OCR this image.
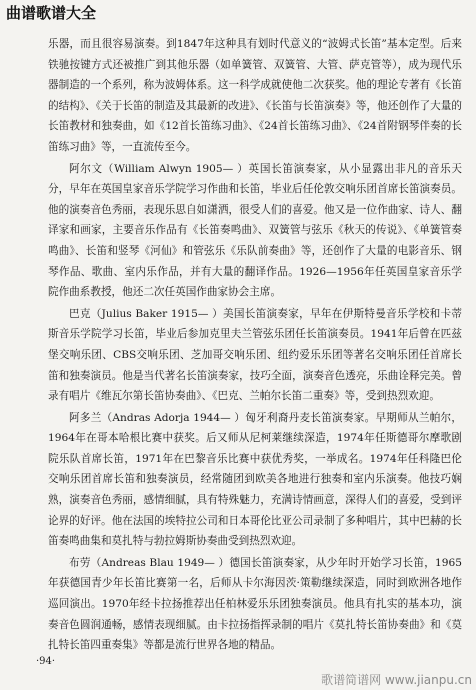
曲谱歌谱大全

乐器，而且很容易演奏。到1847年这种具有划时代意义的“波姆式长笛”基本定型。后来铁驰按键方式还被推广到其他乐器（如单簧管、双簧管、大管、萨克管等），成为现代乐器制造的一个系列，称为波姆体系。这一科学成就使他二次获奖。他的理论专著有《长笛的结构》、《关于长笛的制造及其最新的改进》、《长笛与长笛演奏》等，他还创作了大量的长笛教材和独奏曲，如《12首长笛练习曲》、《24首长笛练习曲》、《24首附钢琴伴奏的长笛练习曲》等，一直流传至今。

阿尔文（William Alwyn 1905— ）英国长笛演奏家，从小显露出非凡的音乐天分，早年在英国皇家音乐学院学习作曲和长笛，毕业后任伦敦交响乐团首席长笛演奏员。他的演奏音色秀丽，表现乐思自如潇洒，很受人们的喜爱。他又是一位作曲家、诗人、翻译家和画家，主要音乐作品有《长笛奏鸣曲》、双簧管与弦乐《秋天的传说》、《单簧管奏鸣曲》、长笛和竖琴《河仙》和管弦乐《乐队前奏曲》等，还创作了大量的电影音乐、钢琴作品、歌曲、室内乐作品，并有大量的翻译作品。1926—1956年任英国皇家音乐学院作曲系教授，他还二次任英国作曲家协会主席。

巴克（Julius Baker 1915— ）美国长笛演奏家，早年在伊斯特曼音乐学校和卡蒂斯音乐学院学习长笛，毕业后参加克里夫兰管弦乐团任长笛演奏员。1941年后曾在匹兹堡交响乐团、CBS交响乐团、芝加哥交响乐团、纽约爱乐乐团等著名交响乐团任首席长笛和独奏演员。他是当代著名长笛演奏家，技巧全面，演奏音色透亮，乐曲诠释完美。曾录有唱片《维瓦尔第长笛协奏曲》、《巴克、兰帕尔长笛二重奏》等，受到热烈欢迎。

阿多兰（Andras Adorja 1944— ）匈牙利裔丹麦长笛演奏家。早期师从兰帕尔，1964年在哥本哈根比赛中获奖。后又师从尼柯莱继续深造，1974年任斯德哥尔摩歌剧院乐队首席长笛，1971年在巴黎音乐比赛中获优秀奖，一举成名。1974年任科隆巴伦交响乐团首席长笛和独奏演员，经常随团到欧美各地进行独奏和室内乐演奏。他技巧娴熟，演奏音色秀丽，感情细腻，具有特殊魅力，充满诗情画意，深得人们的喜爱，受到评论界的好评。他在法国的埃特拉公司和日本哥伦比亚公司录制了多种唱片，其中巴赫的长笛奏鸣曲集和莫扎特与勃拉姆斯协奏曲受到热烈欢迎。

布劳（Andreas Blau 1949— ）德国长笛演奏家，从少年时开始学习长笛，1965年获德国青少年长笛比赛第一名，后师从卡尔海因茨·策勒继续深造，同时到欧洲各地作巡回演出。1970年经卡拉扬推荐出任柏林爱乐乐团独奏演员。他具有扎实的基本功，演奏音色圆润通畅，感情表现细腻。由卡拉扬指挥录制的唱片《莫扎特长笛协奏曲》和《莫扎特长笛四重奏集》等都是流行世界各地的精品。

·94·
歌谱简谱网 www.jianpu.cn
